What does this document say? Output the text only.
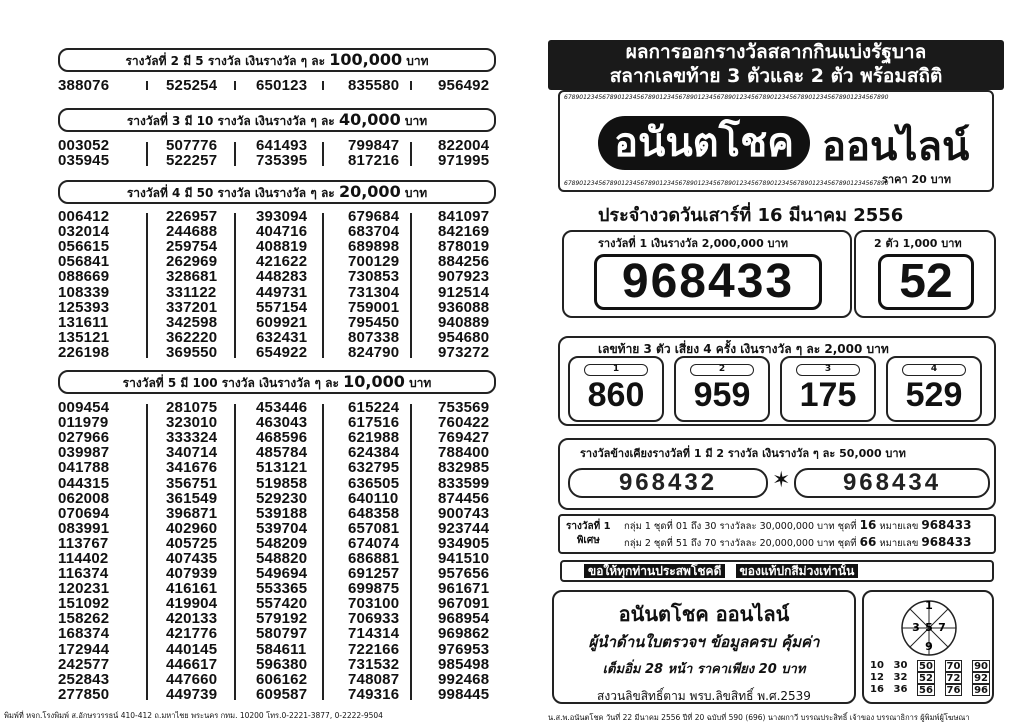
รางวัลที่ 2 มี 5 รางวัล เงินรางวัล ๆ ละ 100,000 บาท
388076	525254	650123	835580	956492
รางวัลที่ 3 มี 10 รางวัล เงินรางวัล ๆ ละ 40,000 บาท
003052	507776	641493	799847	822004
035945	522257	735395	817216	971995
รางวัลที่ 4 มี 50 รางวัล เงินรางวัล ๆ ละ 20,000 บาท
006412	226957	393094	679684	841097
032014	244688	404716	683704	842169
056615	259754	408819	689898	878019
056841	262969	421622	700129	884256
088669	328681	448283	730853	907923
108339	331122	449731	731304	912514
125393	337201	557154	759001	936088
131611	342598	609921	795450	940889
135121	362220	632431	807338	954680
226198	369550	654922	824790	973272
รางวัลที่ 5 มี 100 รางวัล เงินรางวัล ๆ ละ 10,000 บาท
009454	281075	453446	615224	753569
011979	323010	463043	617516	760422
027966	333324	468596	621988	769427
039987	340714	485784	624384	788400
041788	341676	513121	632795	832985
044315	356751	519858	636505	833599
062008	361549	529230	640110	874456
070694	396871	539188	648358	900743
083991	402960	539704	657081	923744
113767	405725	548209	674074	934905
114402	407435	548820	686881	941510
116374	407939	549694	691257	957656
120231	416161	553365	699875	961671
151092	419904	557420	703100	967091
158262	420133	579192	706933	968954
168374	421776	580797	714314	969862
172944	440145	584611	722166	976953
242577	446617	596380	731532	985498
252843	447660	606162	748087	992468
277850	449739	609587	749316	998445
พิมพ์ที่ หจก.โรงพิมพ์ ส.อักษรวรรธน์ 410-412 ถ.มหาไชย พระนคร กทม. 10200 โทร.0-2221-3877, 0-2222-9504
ผลการออกรางวัลสลากกินแบ่งรัฐบาล
สลากเลขท้าย 3 ตัวและ 2 ตัว พร้อมสถิติ
6789012345678901234567890123456789012345678901234567890123456789012345678901234567890
อนันตโชค ออนไลน์
ราคา 20 บาท
6789012345678901234567890123456789012345678901234567890123456789012345678901234567890
ประจำงวดวันเสาร์ที่ 16 มีนาคม 2556
รางวัลที่ 1 เงินรางวัล 2,000,000 บาท
968433
2 ตัว 1,000 บาท
52
เลขท้าย 3 ตัว เสี่ยง 4 ครั้ง เงินรางวัล ๆ ละ 2,000 บาท
1
860
2
959
3
175
4
529
รางวัลข้างเคียงรางวัลที่ 1 มี 2 รางวัล เงินรางวัล ๆ ละ 50,000 บาท
968432	✶	968434
รางวัลที่ 1
พิเศษ
กลุ่ม 1 ชุดที่ 01 ถึง 30 รางวัลละ 30,000,000 บาท ชุดที่ 16 หมายเลข 968433
กลุ่ม 2 ชุดที่ 51 ถึง 70 รางวัลละ 20,000,000 บาท ชุดที่ 66 หมายเลข 968433
ขอให้ทุกท่านประสพโชคดี ของแท้ปกสีม่วงเท่านั้น
อนันตโชค ออนไลน์
ผู้นำด้านใบตรวจฯ ข้อมูลครบ คุ้มค่า
เต็มอิ่ม 28 หน้า ราคาเพียง 20 บาท
สงวนลิขสิทธิ์ตาม พรบ.ลิขสิทธิ์ พ.ศ.2539
1
3 5 7
9
10 30 50 70 90
12 32 52 72 92
16 36 56 76 96
น.ส.พ.อนันตโชค วันที่ 22 มีนาคม 2556 ปีที่ 20 ฉบับที่ 590 (696) นางผกาวี บรรณประสิทธิ์ เจ้าของ บรรณาธิการ ผู้พิมพ์ผู้โฆษณา
